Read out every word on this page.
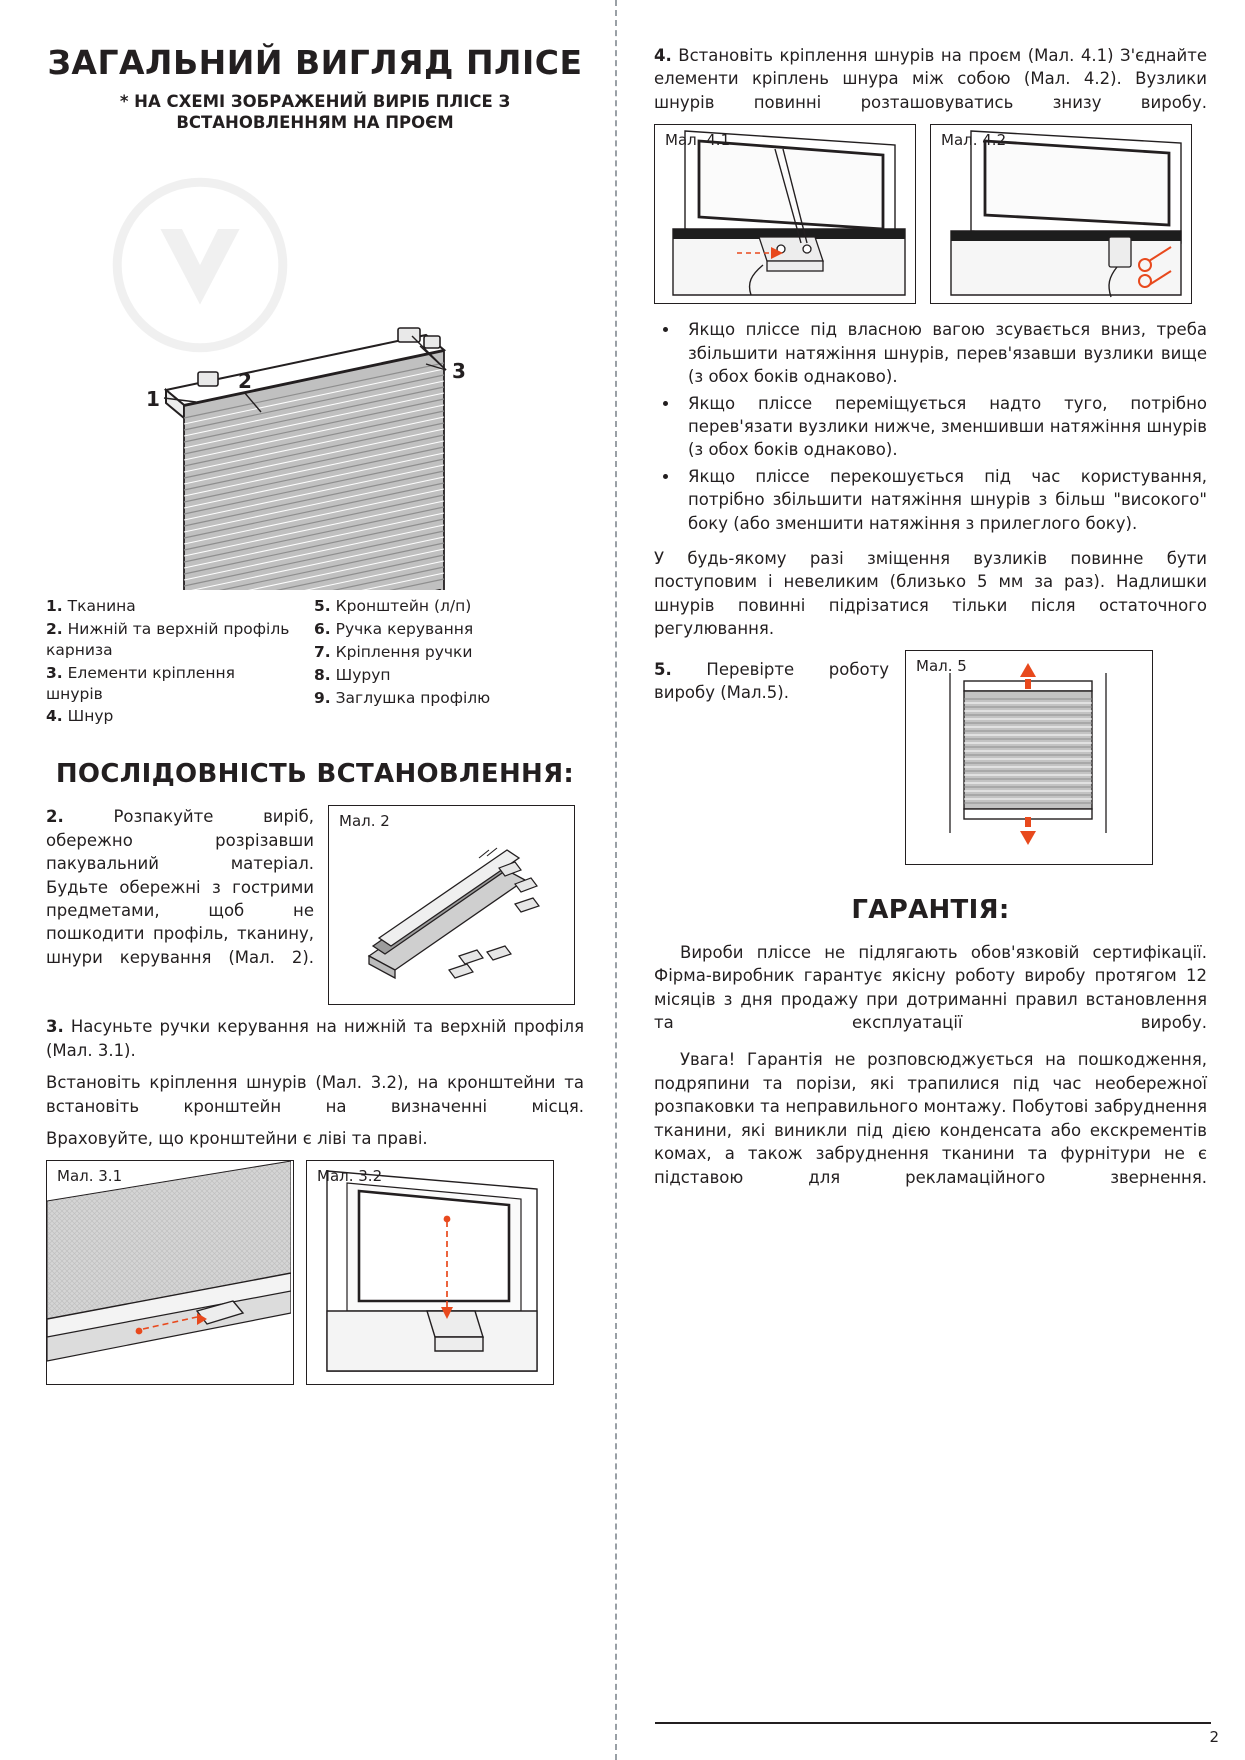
ЗАГАЛЬНИЙ ВИГЛЯД ПЛІСЕ
* НА СХЕМІ ЗОБРАЖЕНИЙ ВИРІБ ПЛІСЕ З ВСТАНОВЛЕННЯМ НА ПРОЄМ
1
2	3
1. Тканина
2. Нижній та верхній профіль карниза
3. Елементи кріплення шнурів
4. Шнур
5. Кронштейн (л/п)
6. Ручка керування
7. Кріплення ручки
8. Шуруп
9. Заглушка профілю
ПОСЛІДОВНІСТЬ ВСТАНОВЛЕННЯ:

2.	Розпакуйте виріб, обережно розрізавши пакувальний матеріал. Будьте обережні з гострими предметами, щоб не пошкодити профіль, тканину, шнури керування (Мал. 2).

Мал. 2

3. Насуньте ручки керування на нижній та верхній профіля (Мал. 3.1).

Встановіть кріплення шнурів (Мал. 3.2), на кронштейни та встановіть кронштейн на визначенні місця.

Враховуйте, що кронштейни є ліві та праві.

Мал. 3.1	Мал. 3.2

4. Встановіть кріплення шнурів на проєм (Мал. 4.1) З'єднайте елементи кріплень шнура між собою (Мал. 4.2). Вузлики шнурів повинні розташовуватись знизу виробу.

Мал. 4.1	Мал. 4.2
• Якщо пліссе під власною вагою зсувається вниз, треба збільшити натяжіння шнурів, перев'язавши вузлики вище (з обох боків однаково).
• Якщо пліссе переміщується надто туго, потрібно перев'язати вузлики нижче, зменшивши натяжіння шнурів (з обох боків однаково).
• Якщо пліссе перекошується під час користування, потрібно збільшити натяжіння шнурів з більш "високого" боку (або зменшити натяжіння з прилеглого боку).

У будь-якому разі зміщення вузликів повинне бути поступовим і невеликим (близько 5 мм за раз). Надлишки шнурів повинні підрізатися тільки після остаточного регулювання.

5. Перевірте роботу виробу (Мал.5).

Мал. 5
ГАРАНТІЯ:

Вироби пліссе не підлягають обов'язковій сертифікації. Фірма-виробник гарантує якісну роботу виробу протягом 12 місяців з дня продажу при дотриманні правил встановлення та експлуатації виробу.

Увага! Гарантія не розповсюджується на пошкодження, подряпини та порізи, які трапилися під час необережної розпаковки та неправильного монтажу. Побутові забруднення тканини, які виникли під дією конденсата або екскрементів комах, а також забруднення тканини та фурнітури не є підставою для рекламаційного звернення.

2
